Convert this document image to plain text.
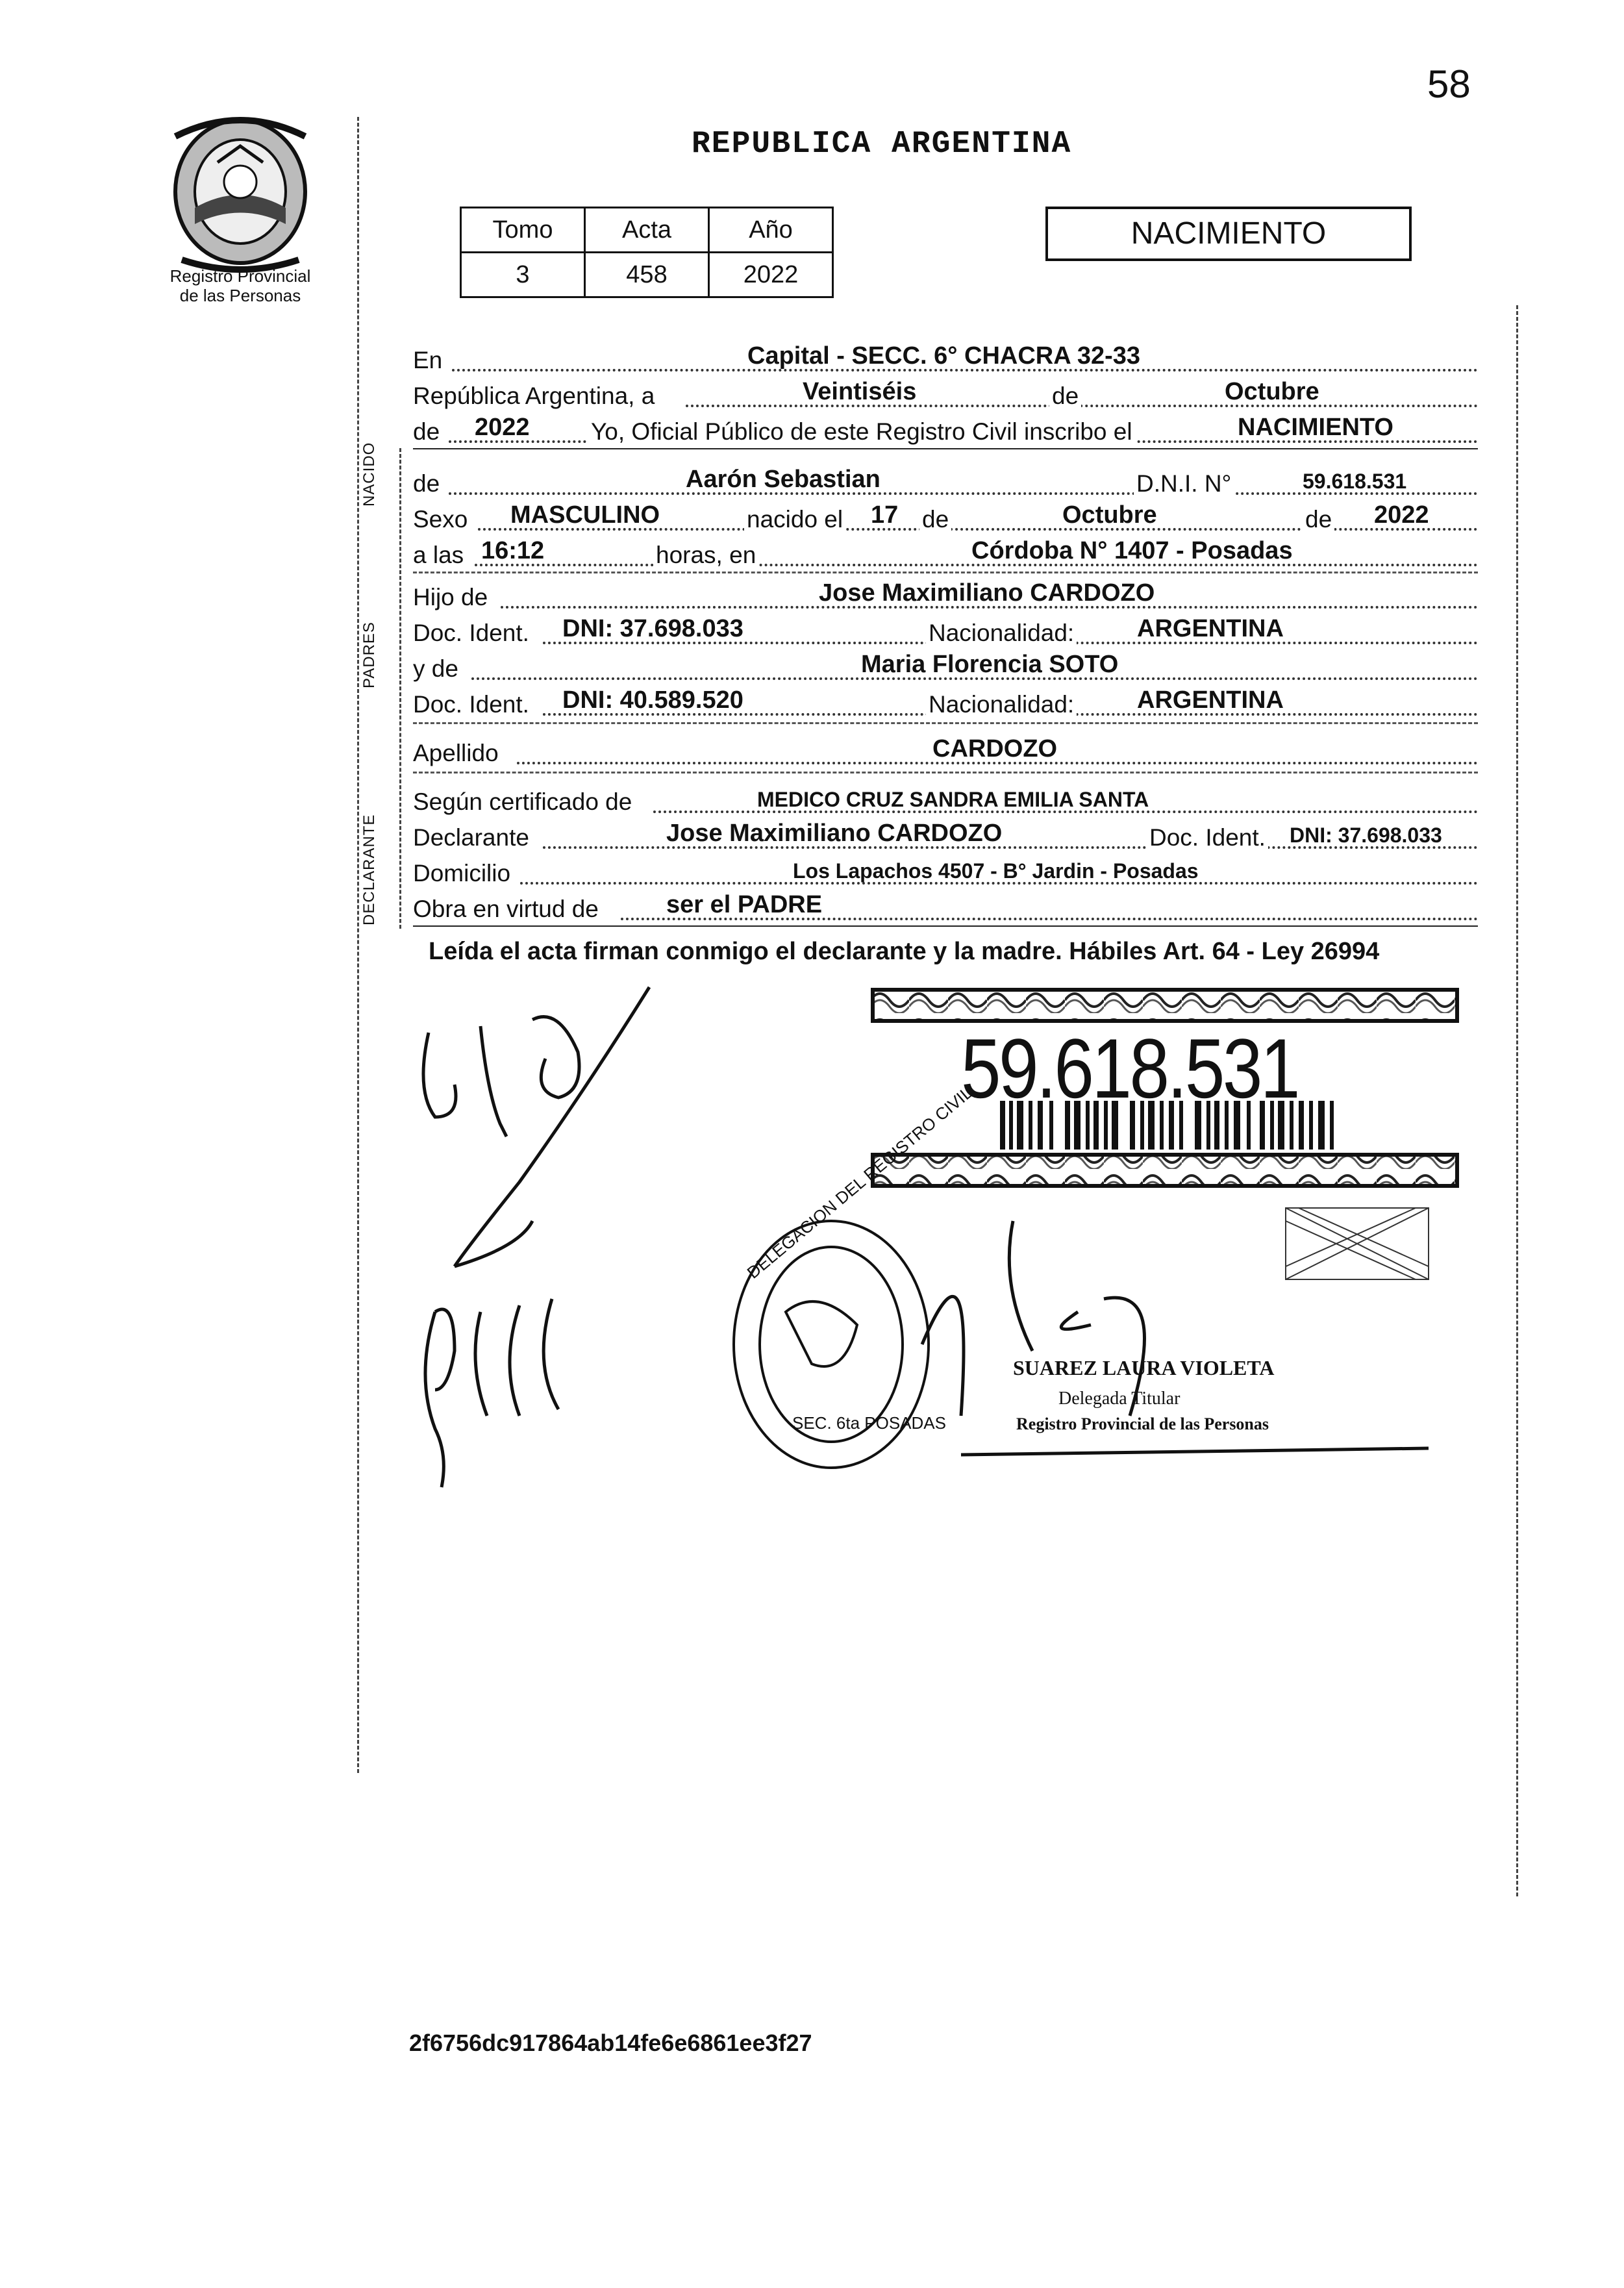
58
Registro Provincial
de las Personas
REPUBLICA ARGENTINA
Tomo	Acta	Año
3	458	2022
NACIMIENTO
NACIDO
PADRES
DECLARANTE
En	Capital - SECC. 6° CHACRA 32-33
República Argentina, a	Veintiséis	de	Octubre
de 2022	Yo, Oficial Público de este Registro Civil inscribo el	NACIMIENTO
de	Aarón Sebastian	D.N.I. N°	59.618.531
Sexo MASCULINO	nacido el 17 de	Octubre	de 2022
a las 16:12	horas, en	Córdoba N° 1407 - Posadas
Hijo de	Jose Maximiliano CARDOZO
Doc. Ident. DNI: 37.698.033	Nacionalidad:	ARGENTINA
y de	Maria Florencia SOTO
Doc. Ident. DNI: 40.589.520	Nacionalidad:	ARGENTINA
Apellido	CARDOZO
Según certificado de	MEDICO CRUZ SANDRA EMILIA SANTA
Declarante	Jose Maximiliano CARDOZO	Doc. Ident. DNI: 37.698.033
Domicilio	Los Lapachos 4507 - B° Jardin - Posadas
Obra en virtud de	ser el PADRE
Leída el acta firman conmigo el declarante y la madre. Hábiles Art. 64 - Ley 26994
59.618.531
DELEGACION DEL REGISTRO CIVIL
SEC. 6ta POSADAS
SUAREZ LAURA VIOLETA
Delegada Titular
Registro Provincial de las Personas
2f6756dc917864ab14fe6e6861ee3f27
